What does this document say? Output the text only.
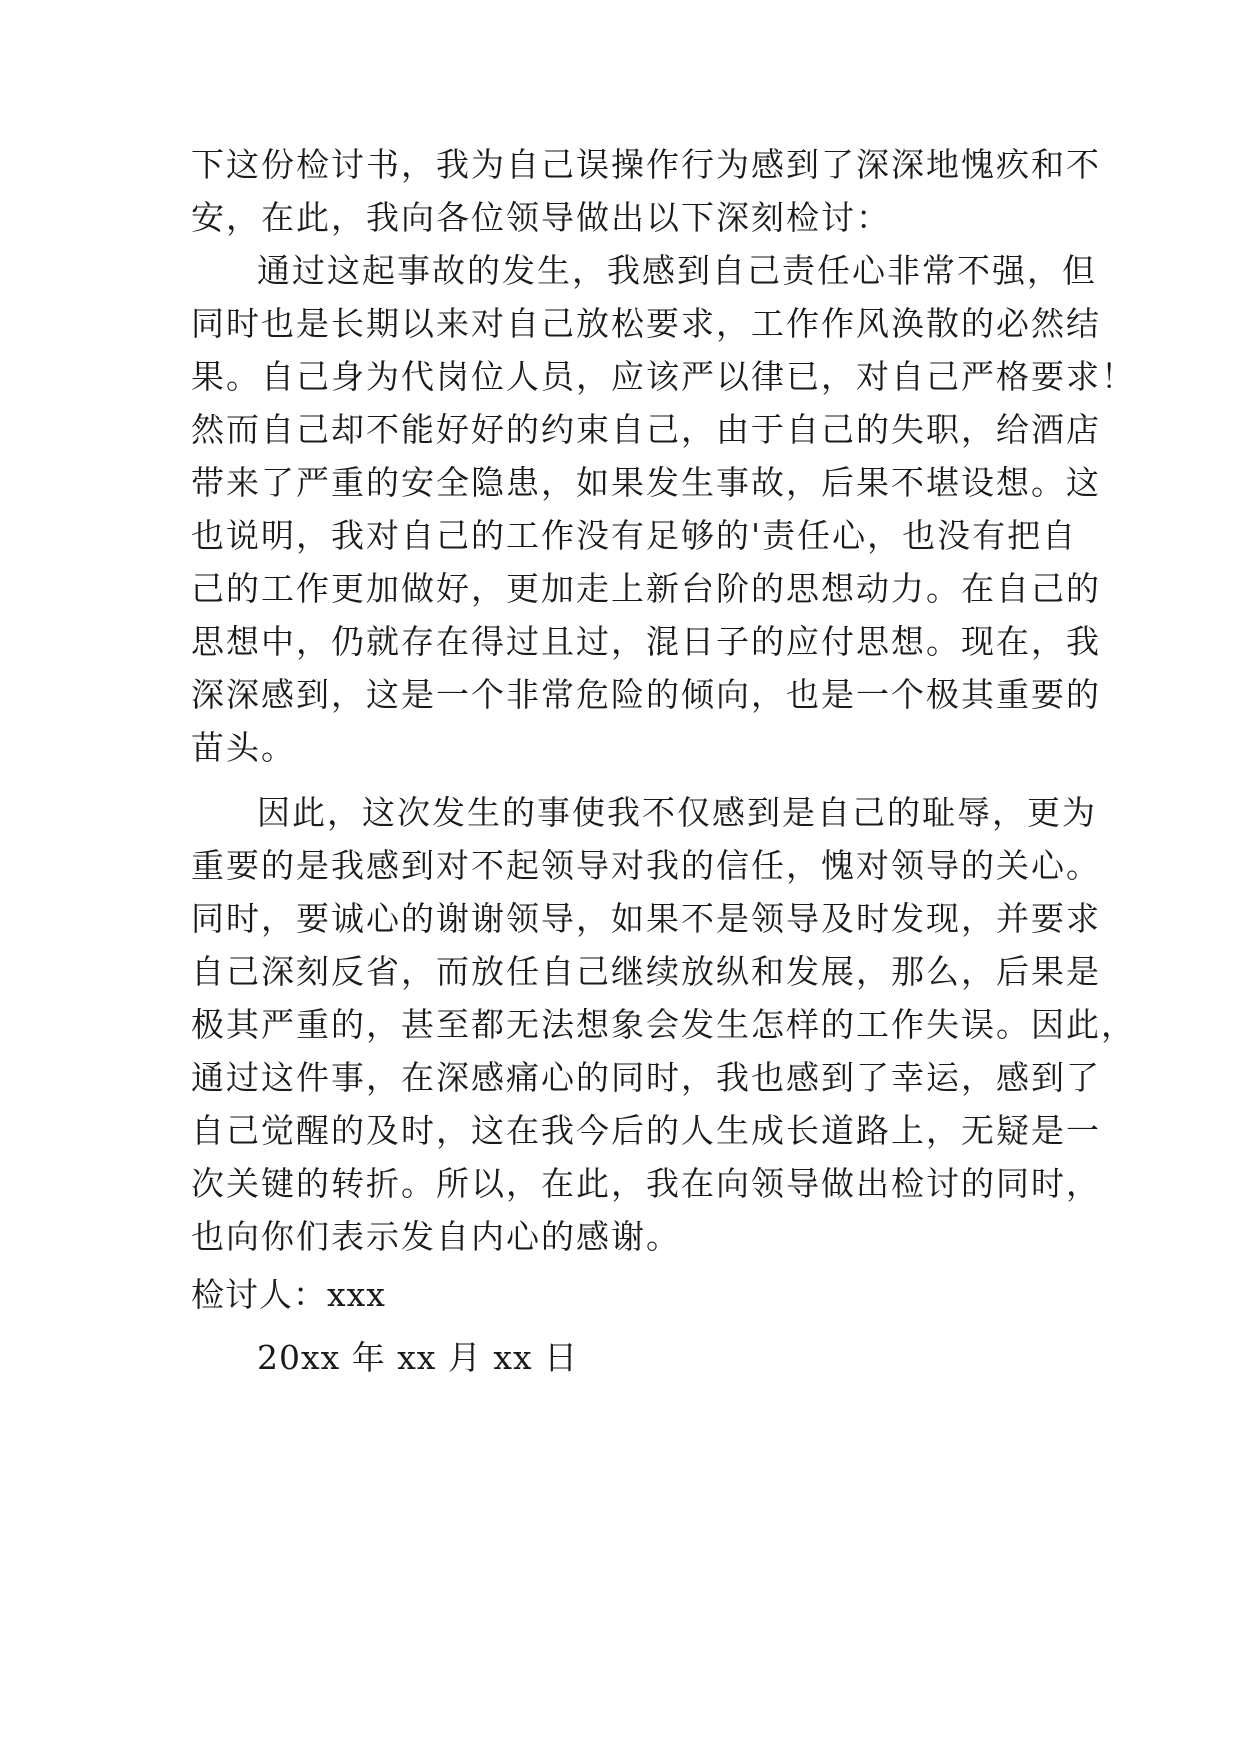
下这份检讨书，我为自己误操作行为感到了深深地愧疚和不

安，在此，我向各位领导做出以下深刻检讨：

通过这起事故的发生，我感到自己责任心非常不强，但

同时也是长期以来对自己放松要求，工作作风涣散的必然结

果。自己身为代岗位人员，应该严以律已，对自己严格要求！

然而自己却不能好好的约束自己，由于自己的失职，给酒店

带来了严重的安全隐患，如果发生事故，后果不堪设想。这

也说明，我对自己的工作没有足够的'责任心，也没有把自

己的工作更加做好，更加走上新台阶的思想动力。在自己的

思想中，仍就存在得过且过，混日子的应付思想。现在，我

深深感到，这是一个非常危险的倾向，也是一个极其重要的

苗头。

因此，这次发生的事使我不仅感到是自己的耻辱，更为

重要的是我感到对不起领导对我的信任，愧对领导的关心。

同时，要诚心的谢谢领导，如果不是领导及时发现，并要求

自己深刻反省，而放任自己继续放纵和发展，那么，后果是

极其严重的，甚至都无法想象会发生怎样的工作失误。因此，

通过这件事，在深感痛心的同时，我也感到了幸运，感到了

自己觉醒的及时，这在我今后的人生成长道路上，无疑是一

次关键的转折。所以，在此，我在向领导做出检讨的同时，

也向你们表示发自内心的感谢。

检讨人：xxx

20xx 年 xx 月 xx 日
